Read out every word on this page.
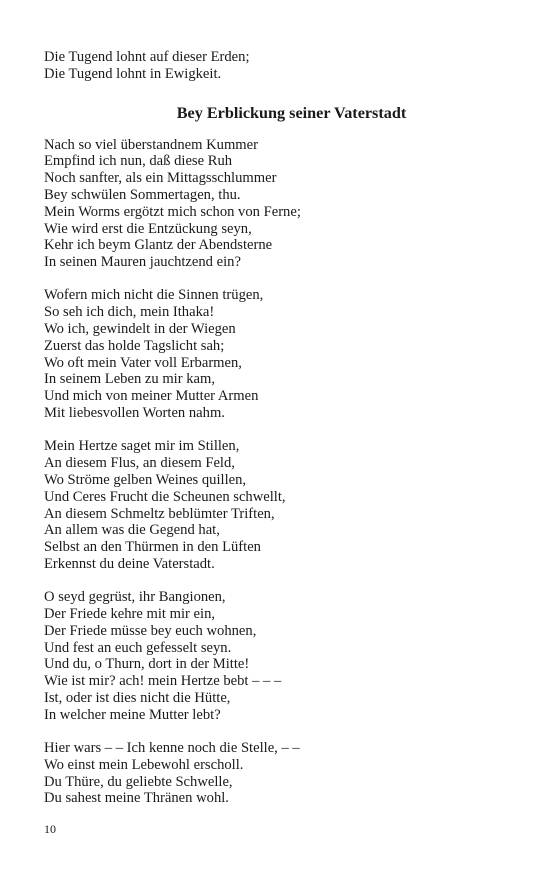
Die Tugend lohnt auf dieser Erden;

Die Tugend lohnt in Ewigkeit.

Bey Erblickung seiner Vaterstadt

Nach so viel überstandnem Kummer

Empfind ich nun, daß diese Ruh

Noch sanfter, als ein Mittagsschlummer

Bey schwülen Sommertagen, thu.

Mein Worms ergötzt mich schon von Ferne;

Wie wird erst die Entzückung seyn,

Kehr ich beym Glantz der Abendsterne

In seinen Mauren jauchtzend ein?

Wofern mich nicht die Sinnen trügen,

So seh ich dich, mein Ithaka!

Wo ich, gewindelt in der Wiegen

Zuerst das holde Tagslicht sah;

Wo oft mein Vater voll Erbarmen,

In seinem Leben zu mir kam,

Und mich von meiner Mutter Armen

Mit liebesvollen Worten nahm.

Mein Hertze saget mir im Stillen,

An diesem Flus, an diesem Feld,

Wo Ströme gelben Weines quillen,

Und Ceres Frucht die Scheunen schwellt,

An diesem Schmeltz beblümter Triften,

An allem was die Gegend hat,

Selbst an den Thürmen in den Lüften

Erkennst du deine Vaterstadt.

O seyd gegrüst, ihr Bangionen,

Der Friede kehre mit mir ein,

Der Friede müsse bey euch wohnen,

Und fest an euch gefesselt seyn.

Und du, o Thurn, dort in der Mitte!

Wie ist mir? ach! mein Hertze bebt – – –

Ist, oder ist dies nicht die Hütte,

In welcher meine Mutter lebt?

Hier wars – – Ich kenne noch die Stelle, – –

Wo einst mein Lebewohl erscholl.

Du Thüre, du geliebte Schwelle,

Du sahest meine Thränen wohl.

10
